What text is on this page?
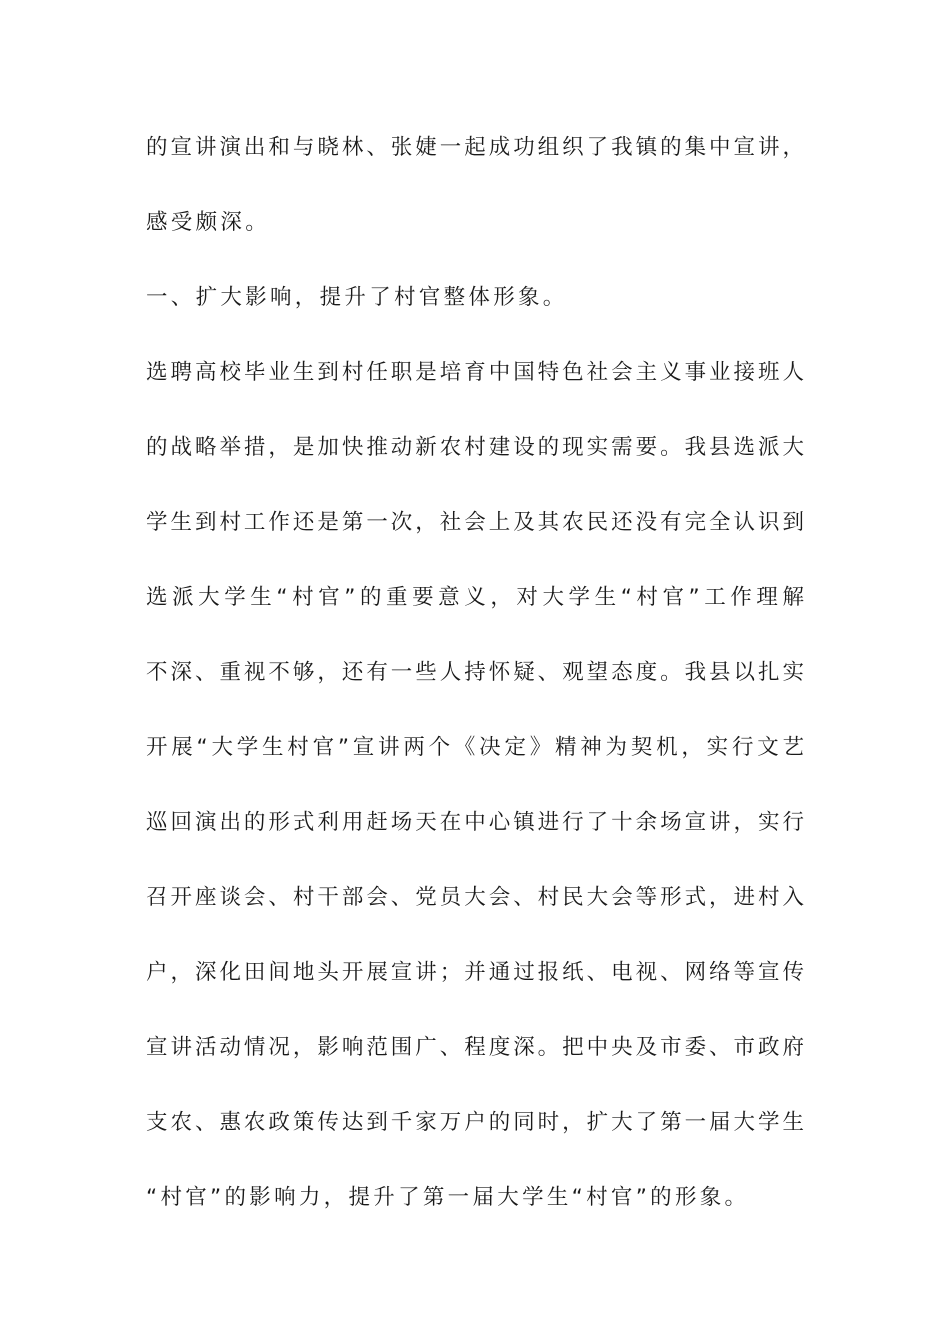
的宣讲演出和与晓林、张婕一起成功组织了我镇的集中宣讲，
感受颇深。
一、扩大影响，提升了村官整体形象。
选聘高校毕业生到村任职是培育中国特色社会主义事业接班人
的战略举措，是加快推动新农村建设的现实需要。我县选派大
学生到村工作还是第一次，社会上及其农民还没有完全认识到
选派大学生“村官”的重要意义，对大学生“村官”工作理解
不深、重视不够，还有一些人持怀疑、观望态度。我县以扎实
开展“大学生村官”宣讲两个《决定》精神为契机，实行文艺
巡回演出的形式利用赶场天在中心镇进行了十余场宣讲，实行
召开座谈会、村干部会、党员大会、村民大会等形式，进村入
户，深化田间地头开展宣讲；并通过报纸、电视、网络等宣传
宣讲活动情况，影响范围广、程度深。把中央及市委、市政府
支农、惠农政策传达到千家万户的同时，扩大了第一届大学生
“村官”的影响力，提升了第一届大学生“村官”的形象。
